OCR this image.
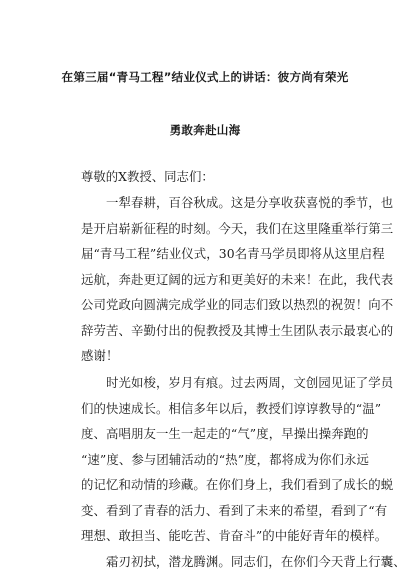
在第三届“青马工程”结业仪式上的讲话：彼方尚有荣光
勇敢奔赴山海
尊敬的X教授、同志们：
一犁春耕，百谷秋成。这是分享收获喜悦的季节，也
是开启崭新征程的时刻。今天，我们在这里隆重举行第三
届“青马工程”结业仪式，30名青马学员即将从这里启程
远航，奔赴更辽阔的远方和更美好的未来！在此，我代表
公司党政向圆满完成学业的同志们致以热烈的祝贺！向不
辞劳苦、辛勤付出的倪教授及其博士生团队表示最衷心的
感谢！
时光如梭，岁月有痕。过去两周，文创园见证了学员
们的快速成长。相信多年以后，教授们谆谆教导的“温”
度、高唱朋友一生一起走的“气”度，早操出操奔跑的
“速”度、参与团辅活动的“热”度，都将成为你们永远
的记忆和动情的珍藏。在你们身上，我们看到了成长的蜕
变、看到了青春的活力、看到了未来的希望，看到了“有
理想、敢担当、能吃苦、肯奋斗”的中能好青年的模样。
霜刃初拭，潜龙腾渊。同志们，在你们今天背上行囊、
